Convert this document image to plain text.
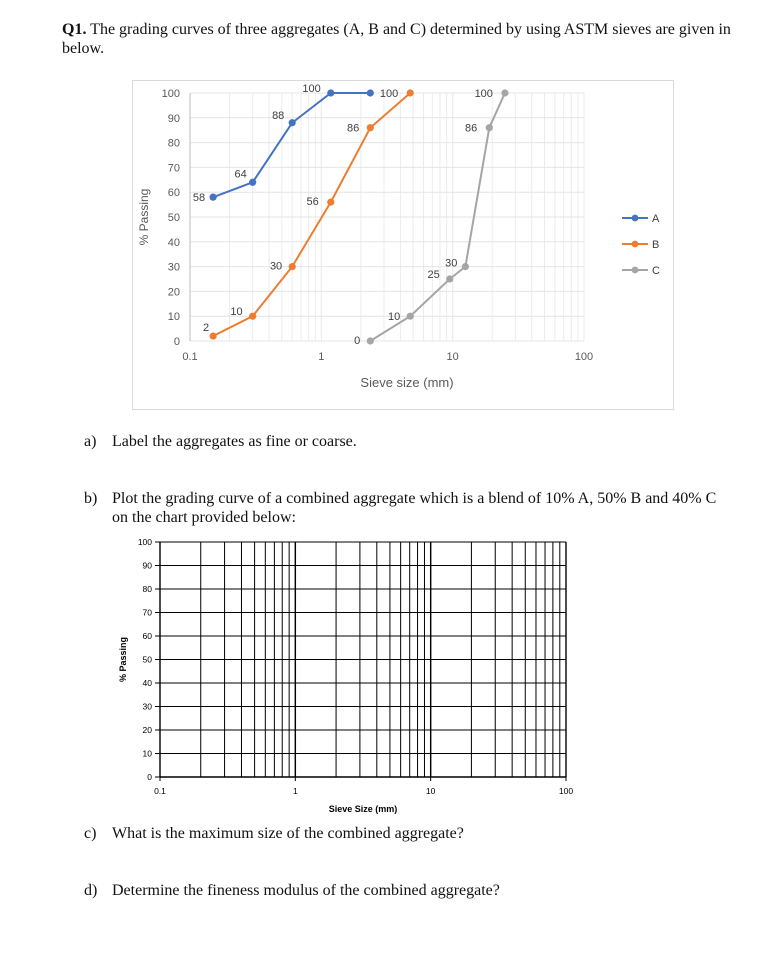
Q1. The grading curves of three aggregates (A, B and C) determined by using ASTM sieves are given in below.
0
10
20
30
40
50
60
70
80
90
100
0.1	1	10	100
Sieve size (mm)
% Passing	58
64
88
100
2
10
30
56
86
100
0
10
25
30
86
100
A
B
C
a) Label the aggregates as fine or coarse.
b) Plot the grading curve of a combined aggregate which is a blend of 10% A, 50% B and 40% C on the chart provided below:
0
10
20
30
40
50
60
70
80
90
100
0.1	1	10	100
Sieve Size (mm)
% Passing
c) What is the maximum size of the combined aggregate?
d) Determine the fineness modulus of the combined aggregate?
